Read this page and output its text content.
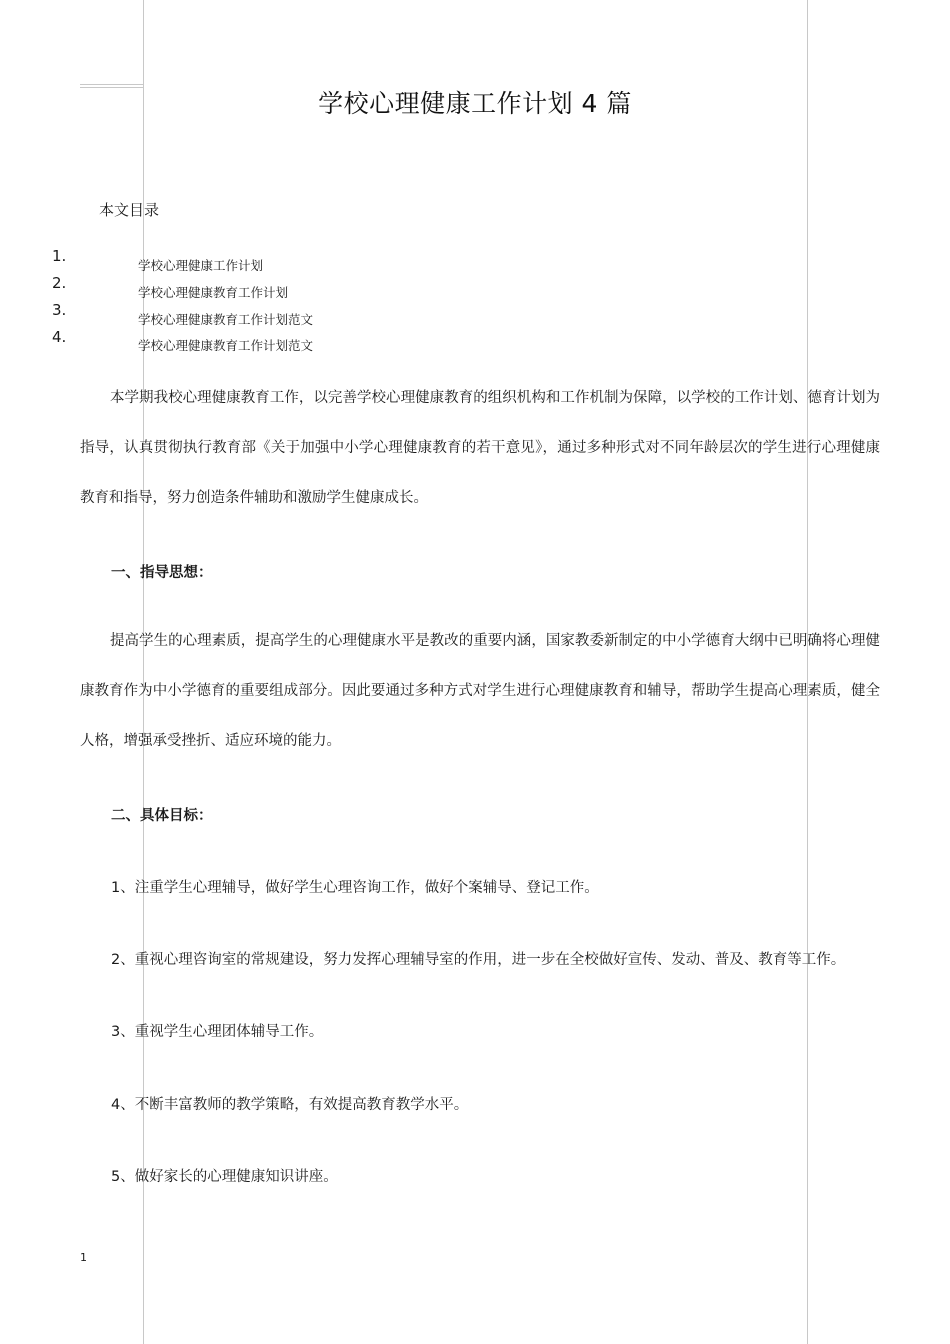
学校心理健康工作计划 4 篇
本文目录
1.
2.
3.
4.
学校心理健康工作计划
学校心理健康教育工作计划
学校心理健康教育工作计划范文
学校心理健康教育工作计划范文

本学期我校心理健康教育工作，以完善学校心理健康教育的组织机构和工作机制为保障，以学校的工作计划、德育计划为指导，认真贯彻执行教育部《关于加强中小学心理健康教育的若干意见》，通过多种形式对不同年龄层次的学生进行心理健康教育和指导，努力创造条件辅助和激励学生健康成长。

一、指导思想：

提高学生的心理素质，提高学生的心理健康水平是教改的重要内涵，国家教委新制定的中小学德育大纲中已明确将心理健康教育作为中小学德育的重要组成部分。因此要通过多种方式对学生进行心理健康教育和辅导，帮助学生提高心理素质，健全人格，增强承受挫折、适应环境的能力。

二、具体目标：
1、注重学生心理辅导，做好学生心理咨询工作，做好个案辅导、登记工作。
2、重视心理咨询室的常规建设，努力发挥心理辅导室的作用，进一步在全校做好宣传、发动、普及、教育等工作。
3、重视学生心理团体辅导工作。
4、不断丰富教师的教学策略，有效提高教育教学水平。
5、做好家长的心理健康知识讲座。
1
